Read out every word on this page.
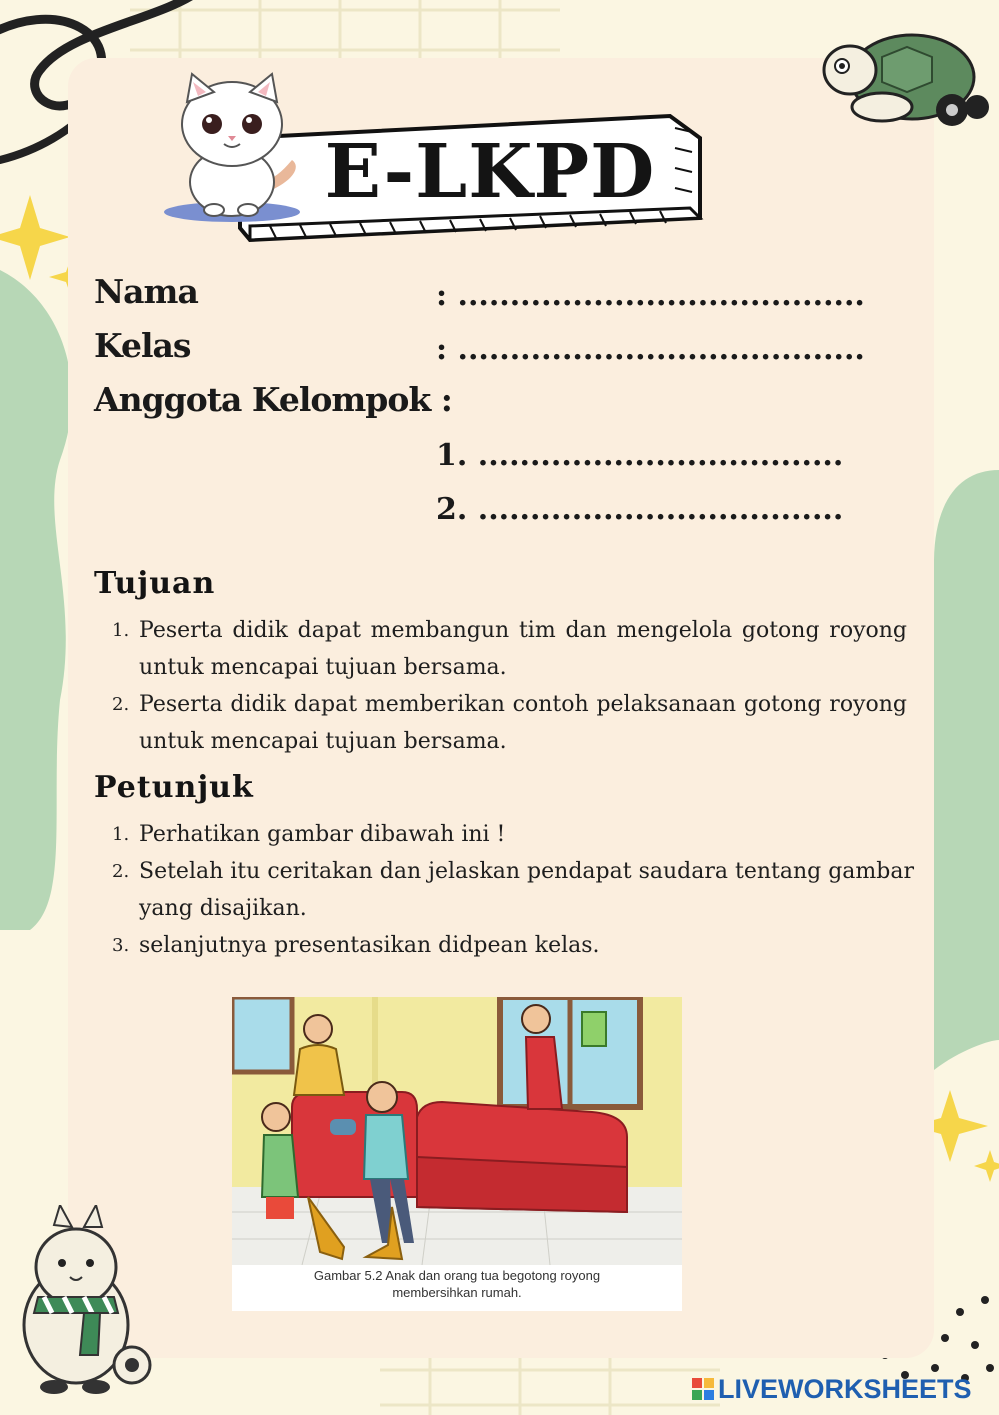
E-LKPD
Nama	: .......................................
Kelas	: .......................................
Anggota Kelompok :
1. ...................................
2. ...................................
Tujuan
1. Peserta didik dapat membangun tim dan mengelola gotong royong untuk mencapai tujuan bersama.
2. Peserta didik dapat memberikan contoh pelaksanaan gotong royong untuk mencapai tujuan bersama.
Petunjuk
1. Perhatikan gambar dibawah ini !
2. Setelah itu ceritakan dan jelaskan pendapat saudara tentang gambar yang disajikan.
3. selanjutnya presentasikan didpean kelas.
Gambar 5.2 Anak dan orang tua begotong royong
membersihkan rumah.
LIVEWORKSHEETS
